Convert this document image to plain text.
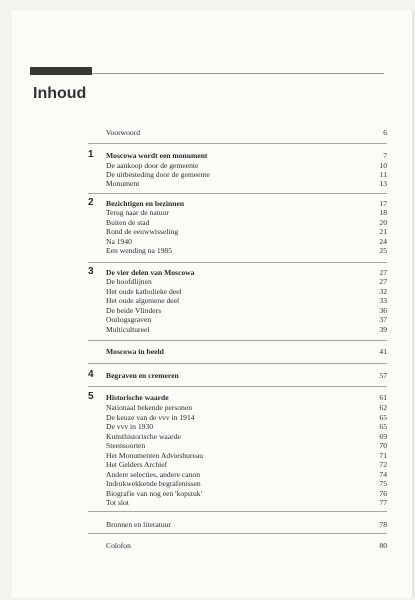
Inhoud
Voorwoord	6
1 Moscowa wordt een monument	7
De aankoop door de gemeente	10
De uitbesteding door de gemeente	11
Monument	13
2 Bezichtigen en bezinnen	17
Terug naar de natuur	18
Buiten de stad	20
Rond de eeuwwisseling	21
Na 1940	24
Een wending na 1985	25
3 De vier delen van Moscowa	27
De hoofdlijnen	27
Het oude katholieke deel	32
Het oude algemene deel	33
De beide Vlinders	36
Oorlogsgraven	37
Multicultureel	39
Moscowa in beeld	41
4 Begraven en cremeren	57
5 Historische waarde	61
Nationaal bekende personen	62
De keuze van de vvv in 1914	65
De vvv in 1930	65
Kunsthistorische waarde	69
Steensoorten	70
Het Monumenten Adviesbureau	71
Het Gelders Archief	72
Andere selecties, andere canon	74
Indrukwekkende begrafenissen	75
Biografie van nog een 'kopstuk'	76
Tot slot	77
Bronnen en literatuur	78
Colofon	80
